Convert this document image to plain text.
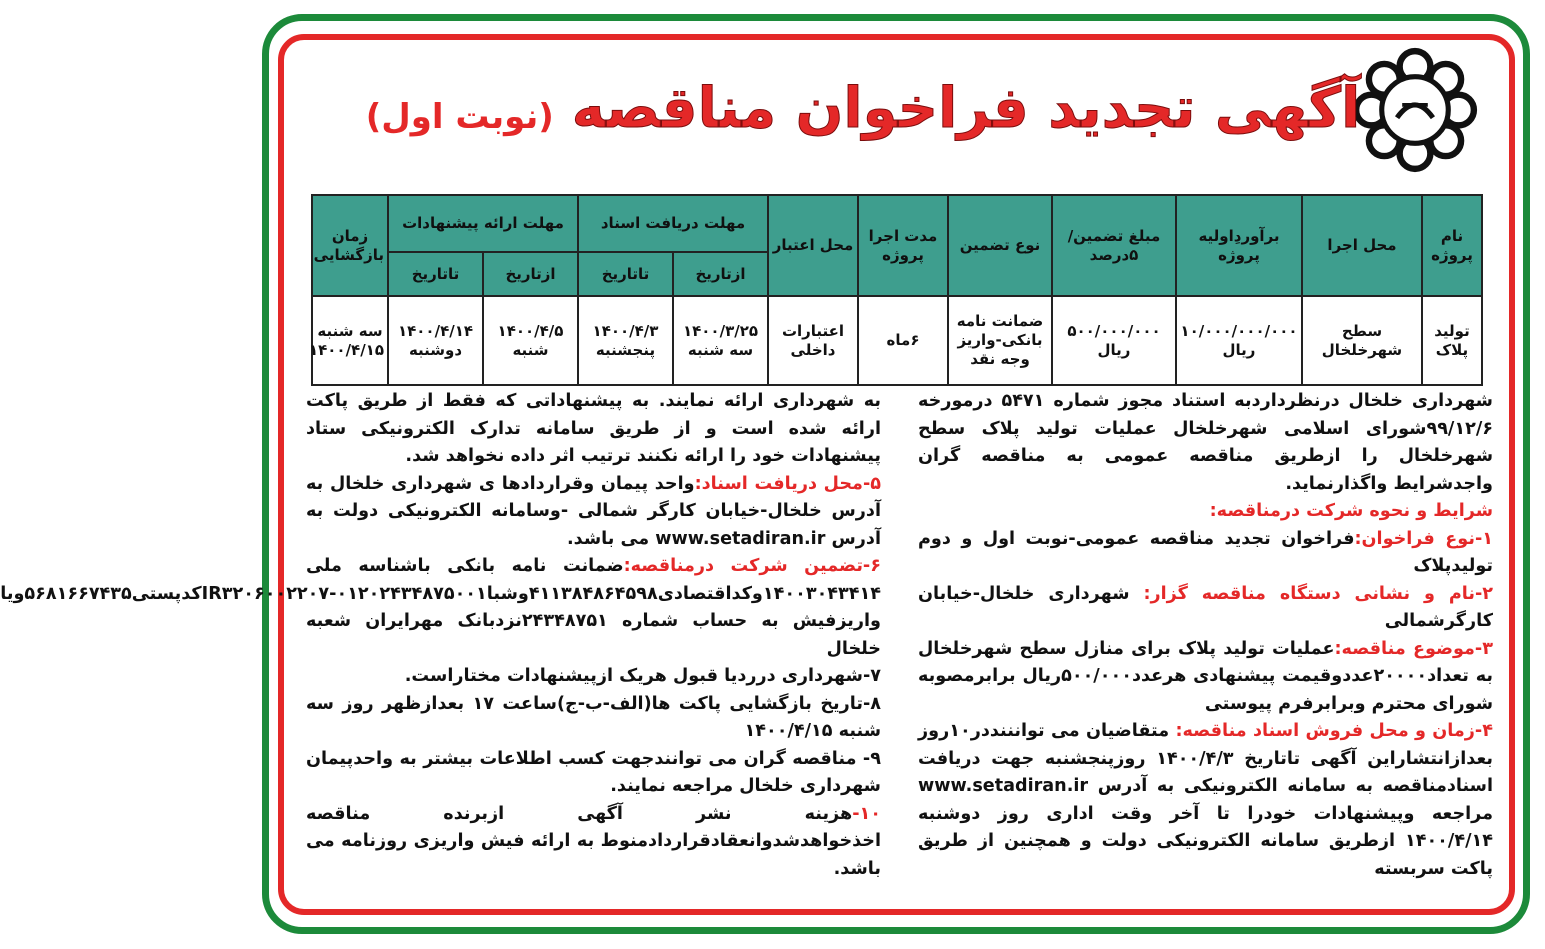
آگهی تجدید فراخوان مناقصه
(نوبت اول)
نام پروژه	محل اجرا	برآوردِاولیه پروژه	مبلغ تضمین/۵درصد	نوع تضمین	مدت اجرا پروژه	محل اعتبار	مهلت دریافت اسناد		مهلت ارائه پیشنهادات		زمان بازگشایی
							ازتاریخ	تاتاریخ	ازتاریخ	تاتاریخ	
تولید پلاک	سطح شهرخلخال	۱۰/۰۰۰/۰۰۰/۰۰۰ ریال	۵۰۰/۰۰۰/۰۰۰ ریال	ضمانت نامه بانکی-واریز وجه نقد	۶ماه	اعتبارات داخلی	۱۴۰۰/۳/۲۵ سه شنبه	۱۴۰۰/۴/۳ پنجشنبه	۱۴۰۰/۴/۵ شنبه	۱۴۰۰/۴/۱۴ دوشنبه	سه شنبه ۱۴۰۰/۴/۱۵

شهرداری خلخال درنظرداردبه استناد مجوز شماره ۵۴۷۱ درمورخه ۹۹/۱۲/۶شورای اسلامی شهرخلخال عملیات تولید پلاک سطح شهرخلخال را ازطریق مناقصه عمومی به مناقصه گران واجدشرایط واگذارنماید.

شرایط و نحوه شرکت درمناقصه:

۱-نوع فراخوان:فراخوان تجدید مناقصه عمومی-نوبت اول و دوم تولیدپلاک

۲-نام و نشانی دستگاه مناقصه گزار: شهرداری خلخال-خیابان کارگرشمالی

۳-موضوع مناقصه:عملیات تولید پلاک برای منازل سطح شهرخلخال به تعداد۲۰۰۰۰عددوقیمت پیشنهادی هرعدد۵۰۰/۰۰۰ریال برابرمصوبه شورای محترم وبرابرفرم پیوستی

۴-زمان و محل فروش اسناد مناقصه: متقاضیان می توانننددر۱۰روز بعدازانتشاراین آگهی تاتاریخ ۱۴۰۰/۴/۳ روزپنجشنبه جهت دریافت اسنادمناقصه به سامانه الکترونیکی به آدرس www.setadiran.ir مراجعه وپیشنهادات خودرا تا آخر وقت اداری روز دوشنبه ۱۴۰۰/۴/۱۴ ازطریق سامانه الکترونیکی دولت و همچنین از طریق پاکت سربسته

به شهرداری ارائه نمایند. به پیشنهاداتی که فقط از طریق پاکت ارائه شده است و از طریق سامانه تدارک الکترونیکی ستاد پیشنهادات خود را ارائه نکنند ترتیب اثر داده نخواهد شد.

۵-محل دریافت اسناد:واحد پیمان وقراردادها ی شهرداری خلخال به آدرس خلخال-خیابان کارگر شمالی -وسامانه الکترونیکی دولت به آدرس www.setadiran.ir می باشد.

۶-تضمین شرکت درمناقصه:ضمانت نامه بانکی باشناسه ملی ۱۴۰۰۳۰۴۳۴۱۴وکداقتصادی۴۱۱۳۸۴۸۶۴۵۹۸وشباIR۳۲۰۶۰۰۲۲۰۷-۰۱۲۰۲۴۳۴۸۷۵۰۰۱کدپستی۵۶۸۱۶۶۷۴۳۵ویا واریزفیش به حساب شماره ۲۴۳۴۸۷۵۱نزدبانک مهرایران شعبه خلخال

۷-شهرداری درردیا قبول هریک ازپیشنهادات مختاراست.

۸-تاریخ بازگشایی پاکت ها(الف-ب-ج)ساعت ۱۷ بعدازظهر روز سه شنبه ۱۴۰۰/۴/۱۵

۹- مناقصه گران می توانندجهت کسب اطلاعات بیشتر به واحدپیمان شهرداری خلخال مراجعه نمایند.

۱۰-هزینه نشر آگهی ازبرنده مناقصه اخذخواهدشدوانعقادقراردادمنوط به ارائه فیش واریزی روزنامه می باشد.
